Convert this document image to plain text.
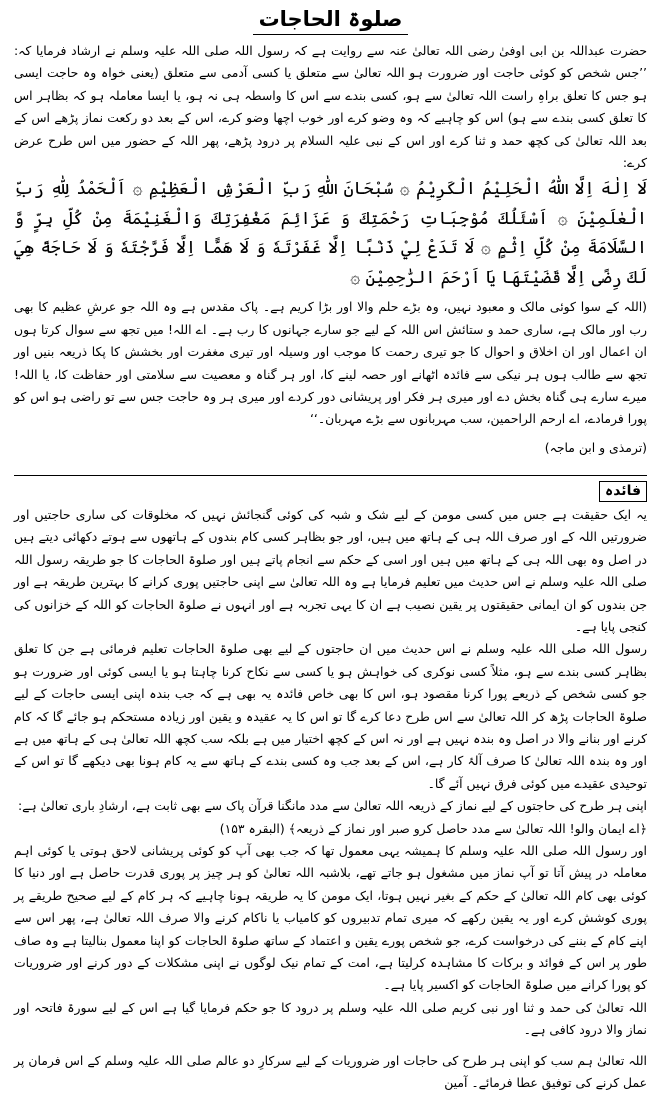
صلوۃ الحاجات

حضرت عبداللہ بن ابی اوفیٰ رضی اللہ تعالیٰ عنہ سے روایت ہے کہ رسول اللہ صلی اللہ علیہ وسلم نے ارشاد فرمایا کہ: ’’جس شخص کو کوئی حاجت اور ضرورت ہو اللہ تعالیٰ سے متعلق یا کسی آدمی سے متعلق (یعنی خواہ وہ حاجت ایسی ہو جس کا تعلق براہِ راست اللہ تعالیٰ سے ہو، کسی بندے سے اس کا واسطہ ہی نہ ہو، یا ایسا معاملہ ہو کہ بظاہر اس کا تعلق کسی بندے سے ہو) اس کو چاہیے کہ وہ وضو کرے اور خوب اچھا وضو کرے، اس کے بعد دو رکعت نماز پڑھے اس کے بعد اللہ تعالیٰ کی کچھ حمد و ثنا کرے اور اس کے نبی علیہ السلام پر درود پڑھے، پھر اللہ کے حضور میں اس طرح عرض کرے:

لَا اِلٰهَ اِلَّا اللّٰهُ الْحَلِيْمُ الْكَرِيْمُ ۞ سُبْحَانَ اللّٰهِ رَبِّ الْعَرْشِ الْعَظِيْمِ ۞ اَلْحَمْدُ لِلّٰهِ رَبِّ الْعٰلَمِيْنَ ۞ اَسْئَلُكَ مُوْجِبَاتِ رَحْمَتِكَ وَ عَزَائِمَ مَغْفِرَتِكَ وَالْغَنِيْمَةَ مِنْ كُلِّ بِرٍّ وَّ السَّلَامَةَ مِنْ كُلِّ اِثْمٍ ۞ لَا تَدَعْ لِيْ ذَنْبًا اِلَّا غَفَرْتَهٗ وَ لَا هَمًّا اِلَّا فَرَّجْتَهٗ وَ لَا حَاجَةً هِيَ لَكَ رِضًى اِلَّا قَضَيْتَهَا يَا اَرْحَمَ الرّٰحِمِيْنَ ۞

(اللہ کے سوا کوئی مالک و معبود نہیں، وہ بڑے حلم والا اور بڑا کریم ہے۔ پاک مقدس ہے وہ اللہ جو عرشِ عظیم کا بھی رب اور مالک ہے، ساری حمد و ستائش اس اللہ کے لیے جو سارے جہانوں کا رب ہے۔ اے اللہ! میں تجھ سے سوال کرتا ہوں ان اعمال اور ان اخلاق و احوال کا جو تیری رحمت کا موجب اور وسیلہ اور تیری مغفرت اور بخشش کا پکا ذریعہ بنیں اور تجھ سے طالب ہوں ہر نیکی سے فائدہ اٹھانے اور حصہ لینے کا، اور ہر گناہ و معصیت سے سلامتی اور حفاظت کا، یا اللہ! میرے سارے ہی گناہ بخش دے اور میری ہر فکر اور پریشانی دور کردے اور میری ہر وہ حاجت جس سے تو راضی ہو اس کو پورا فرمادے، اے ارحم الراحمین، سب مہربانوں سے بڑے مہربان۔‘‘

(ترمذی و ابن ماجہ)

فائدہ

یہ ایک حقیقت ہے جس میں کسی مومن کے لیے شک و شبہ کی کوئی گنجائش نہیں کہ مخلوقات کی ساری حاجتیں اور ضرورتیں اللہ کے اور صرف اللہ ہی کے ہاتھ میں ہیں، اور جو بظاہر کسی کام بندوں کے ہاتھوں سے ہوتے دکھائی دیتے ہیں در اصل وہ بھی اللہ ہی کے ہاتھ میں ہیں اور اسی کے حکم سے انجام پاتے ہیں اور صلوۃ الحاجات کا جو طریقہ رسول اللہ صلی اللہ علیہ وسلم نے اس حدیث میں تعلیم فرمایا ہے وہ اللہ تعالیٰ سے اپنی حاجتیں پوری کرانے کا بہترین طریقہ ہے اور جن بندوں کو ان ایمانی حقیقتوں پر یقین نصیب ہے ان کا یہی تجربہ ہے اور انہوں نے صلوۃ الحاجات کو اللہ کے خزانوں کی کنجی پایا ہے۔

رسول اللہ صلی اللہ علیہ وسلم نے اس حدیث میں ان حاجتوں کے لیے بھی صلوۃ الحاجات تعلیم فرمائی ہے جن کا تعلق بظاہر کسی بندے سے ہو، مثلاً کسی نوکری کی خواہش ہو یا کسی سے نکاح کرنا چاہتا ہو یا ایسی کوئی اور ضرورت ہو جو کسی شخص کے ذریعے پورا کرنا مقصود ہو، اس کا بھی خاص فائدہ یہ بھی ہے کہ جب بندہ اپنی ایسی حاجات کے لیے صلوۃ الحاجات پڑھ کر اللہ تعالیٰ سے اس طرح دعا کرے گا تو اس کا یہ عقیدہ و یقین اور زیادہ مستحکم ہو جائے گا کہ کام کرنے اور بنانے والا در اصل وہ بندہ نہیں ہے اور نہ اس کے کچھ اختیار میں ہے بلکہ سب کچھ اللہ تعالیٰ ہی کے ہاتھ میں ہے اور وہ بندہ اللہ تعالیٰ کا صرف آلۂ کار ہے، اس کے بعد جب وہ کسی بندے کے ہاتھ سے یہ کام ہونا بھی دیکھے گا تو اس کے توحیدی عقیدے میں کوئی فرق نہیں آئے گا۔

اپنی ہر طرح کی حاجتوں کے لیے نماز کے ذریعہ اللہ تعالیٰ سے مدد مانگنا قرآن پاک سے بھی ثابت ہے، ارشادِ باری تعالیٰ ہے:

﴿اے ایمان والو! اللہ تعالیٰ سے مدد حاصل کرو صبر اور نماز کے ذریعہ﴾ (البقرہ ۱۵۳)

اور رسول اللہ صلی اللہ علیہ وسلم کا ہمیشہ یہی معمول تھا کہ جب بھی آپ کو کوئی پریشانی لاحق ہوتی یا کوئی اہم معاملہ در پیش آتا تو آپ نماز میں مشغول ہو جاتے تھے، بلاشبہ اللہ تعالیٰ کو ہر چیز پر پوری قدرت حاصل ہے اور دنیا کا کوئی بھی کام اللہ تعالیٰ کے حکم کے بغیر نہیں ہوتا، ایک مومن کا یہ طریقہ ہونا چاہیے کہ ہر کام کے لیے صحیح طریقے پر پوری کوشش کرے اور یہ یقین رکھے کہ میری تمام تدبیروں کو کامیاب یا ناکام کرنے والا صرف اللہ تعالیٰ ہے، پھر اس سے اپنے کام کے بننے کی درخواست کرے، جو شخص پورے یقین و اعتماد کے ساتھ صلوۃ الحاجات کو اپنا معمول بنالیتا ہے وہ صاف طور پر اس کے فوائد و برکات کا مشاہدہ کرلیتا ہے، امت کے تمام نیک لوگوں نے اپنی مشکلات کے دور کرنے اور ضروریات کو پورا کرانے میں صلوۃ الحاجات کو اکسیر پایا ہے۔

اللہ تعالیٰ کی حمد و ثنا اور نبی کریم صلی اللہ علیہ وسلم پر درود کا جو حکم فرمایا گیا ہے اس کے لیے سورۃ فاتحہ اور نماز والا درود کافی ہے۔

اللہ تعالیٰ ہم سب کو اپنی ہر طرح کی حاجات اور ضروریات کے لیے سرکارِ دو عالم صلی اللہ علیہ وسلم کے اس فرمان پر عمل کرنے کی توفیق عطا فرمائے۔ آمین
